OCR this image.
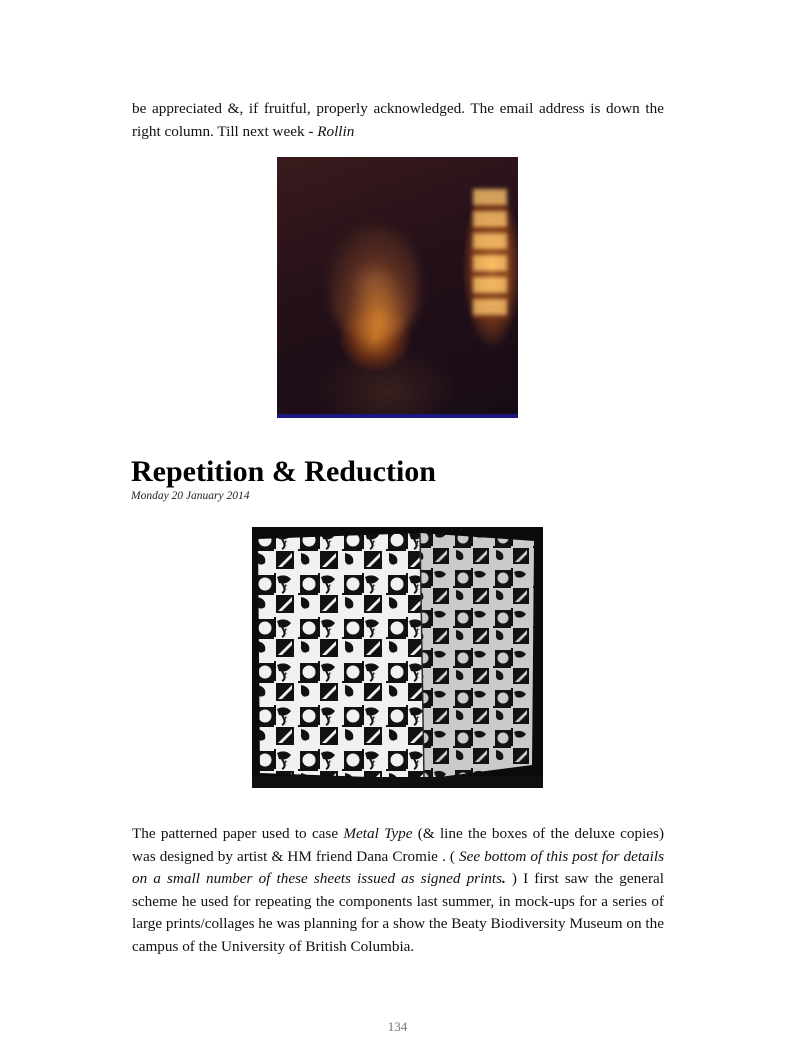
be appreciated &, if fruitful, properly acknowledged. The email address is down the right column. Till next week - Rollin

Repetition & Reduction
Monday 20 January 2014

The patterned paper used to case Metal Type (& line the boxes of the deluxe copies) was designed by artist & HM friend Dana Cromie . ( See bottom of this post for details on a small number of these sheets issued as signed prints. ) I first saw the general scheme he used for repeating the components last summer, in mock-ups for a series of large prints/collages he was planning for a show the Beaty Biodiversity Museum on the campus of the University of British Columbia.

134
